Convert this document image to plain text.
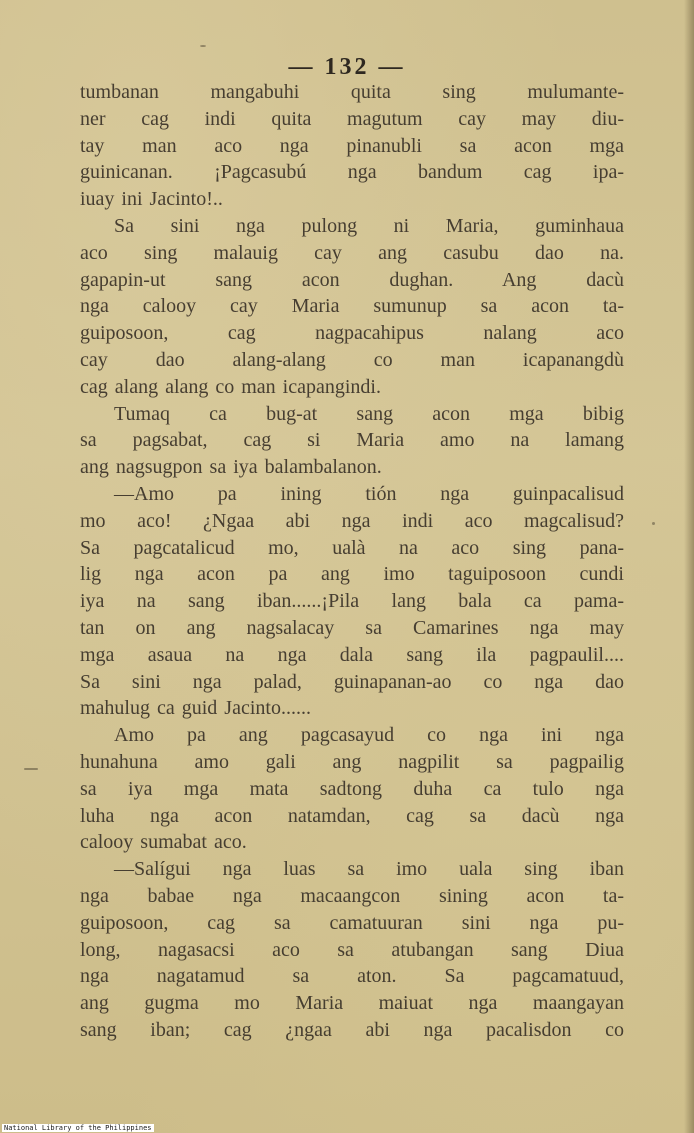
— 132 —
tumbanan mangabuhi quita sing mulumante-
ner cag indi quita magutum cay may diu-
tay man aco nga pinanubli sa acon mga
guinicanan. ¡Pagcasubú nga bandum cag ipa-
iuay ini Jacinto!..
Sa sini nga pulong ni Maria, guminhaua
aco sing malauig cay ang casubu dao na.
gapapin-ut sang acon dughan. Ang dacù
nga calooy cay Maria sumunup sa acon ta-
guiposoon, cag nagpacahipus nalang aco
cay dao alang-alang co man icapanangdù
cag alang alang co man icapangindi.
Tumaq ca bug-at sang acon mga bibig
sa pagsabat, cag si Maria amo na lamang
ang nagsugpon sa iya balambalanon.
—Amo pa ining tión nga guinpacalisud
mo aco! ¿Ngaa abi nga indi aco magcalisud?
Sa pagcatalicud mo, ualà na aco sing pana-
lig nga acon pa ang imo taguiposoon cundi
iya na sang iban......¡Pila lang bala ca pama-
tan on ang nagsalacay sa Camarines nga may
mga asaua na nga dala sang ila pagpaulil....
Sa sini nga palad, guinapanan-ao co nga dao
mahulug ca guid Jacinto......
Amo pa ang pagcasayud co nga ini nga
hunahuna amo gali ang nagpilit sa pagpailig
sa iya mga mata sadtong duha ca tulo nga
luha nga acon natamdan, cag sa dacù nga
calooy sumabat aco.
—Salígui nga luas sa imo uala sing iban
nga babae nga macaangcon sining acon ta-
guiposoon, cag sa camatuuran sini nga pu-
long, nagasacsi aco sa atubangan sang Diua
nga nagatamud sa aton. Sa pagcamatuud,
ang gugma mo Maria maiuat nga maangayan
sang iban; cag ¿ngaa abi nga pacalisdon co
National Library of the Philippines
